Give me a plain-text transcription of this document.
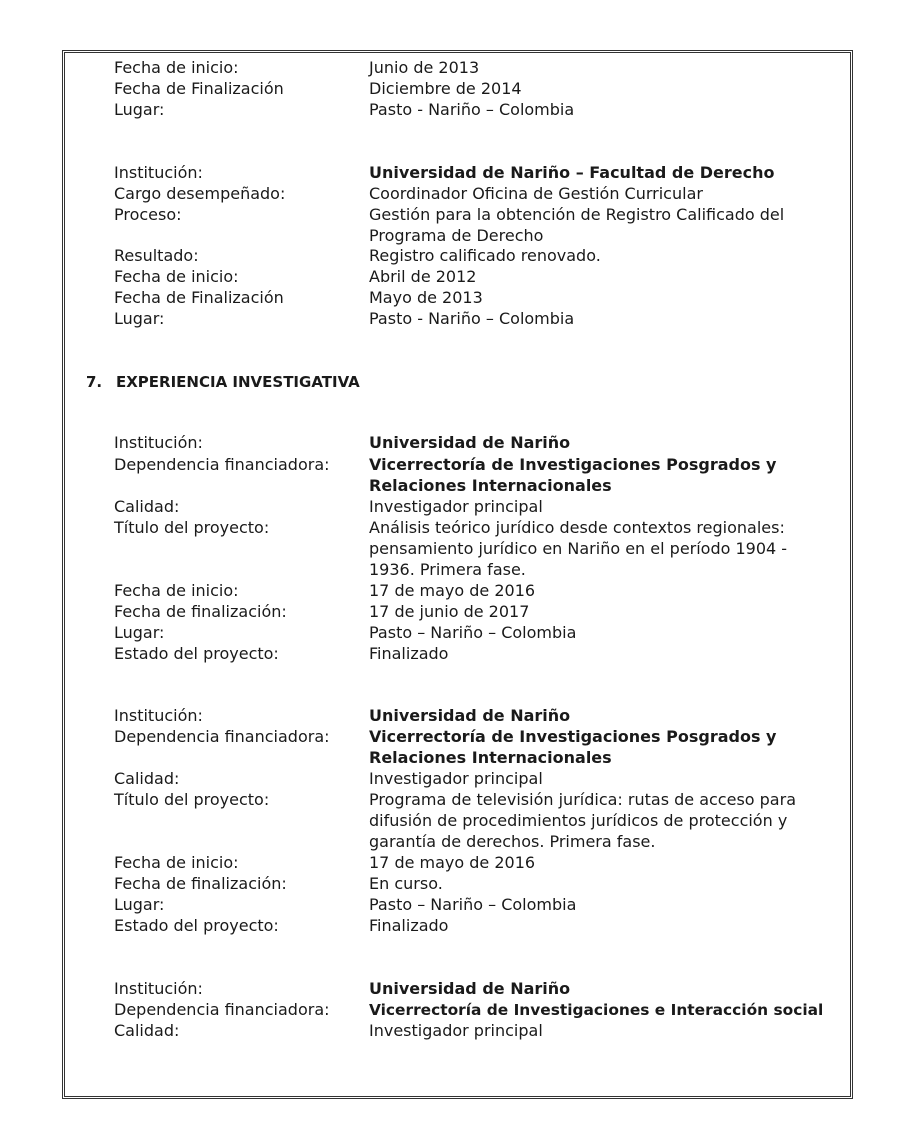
Fecha de inicio:	Junio de 2013
Fecha de Finalización	Diciembre de 2014
Lugar:	Pasto - Nariño – Colombia
Institución:	Universidad de Nariño – Facultad de Derecho
Cargo desempeñado:	Coordinador Oficina de Gestión Curricular
Proceso:	Gestión para la obtención de Registro Calificado del
Programa de Derecho
Resultado:	Registro calificado renovado.
Fecha de inicio:	Abril de 2012
Fecha de Finalización	Mayo de 2013
Lugar:	Pasto - Nariño – Colombia
7. EXPERIENCIA INVESTIGATIVA
Institución:	Universidad de Nariño
Dependencia financiadora: Vicerrectoría de Investigaciones Posgrados y
Relaciones Internacionales
Calidad:	Investigador principal
Título del proyecto:	Análisis teórico jurídico desde contextos regionales:
pensamiento jurídico en Nariño en el período 1904 -
1936. Primera fase.
Fecha de inicio:	17 de mayo de 2016
Fecha de finalización:	17 de junio de 2017
Lugar:	Pasto – Nariño – Colombia
Estado del proyecto:	Finalizado
Institución:	Universidad de Nariño
Dependencia financiadora: Vicerrectoría de Investigaciones Posgrados y
Relaciones Internacionales
Calidad:	Investigador principal
Título del proyecto:	Programa de televisión jurídica: rutas de acceso para
difusión de procedimientos jurídicos de protección y
garantía de derechos. Primera fase.
Fecha de inicio:	17 de mayo de 2016
Fecha de finalización:	En curso.
Lugar:	Pasto – Nariño – Colombia
Estado del proyecto:	Finalizado
Institución:	Universidad de Nariño
Dependencia financiadora:	Vicerrectoría de Investigaciones e Interacción social
Calidad:	Investigador principal
